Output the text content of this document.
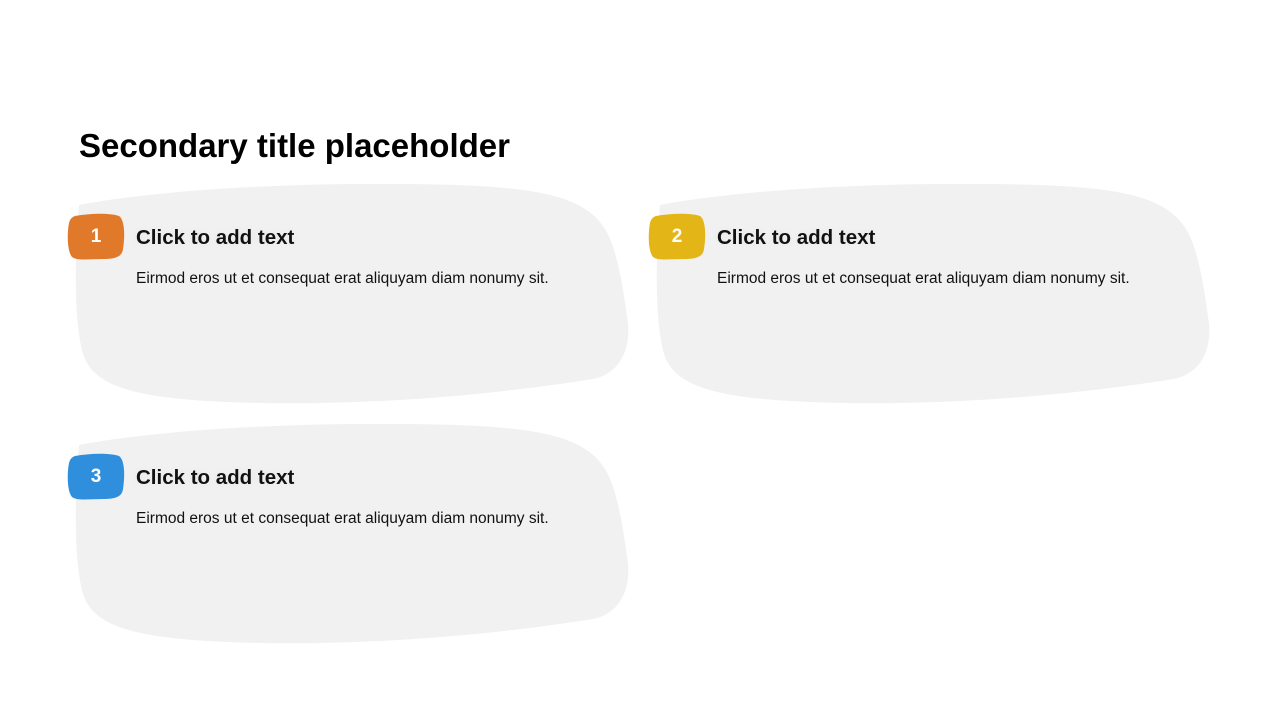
Secondary title placeholder
1	Click to add text

Eirmod eros ut et consequat erat aliquyam diam nonumy sit.

2	Click to add text

Eirmod eros ut et consequat erat aliquyam diam nonumy sit.

3	Click to add text

Eirmod eros ut et consequat erat aliquyam diam nonumy sit.
